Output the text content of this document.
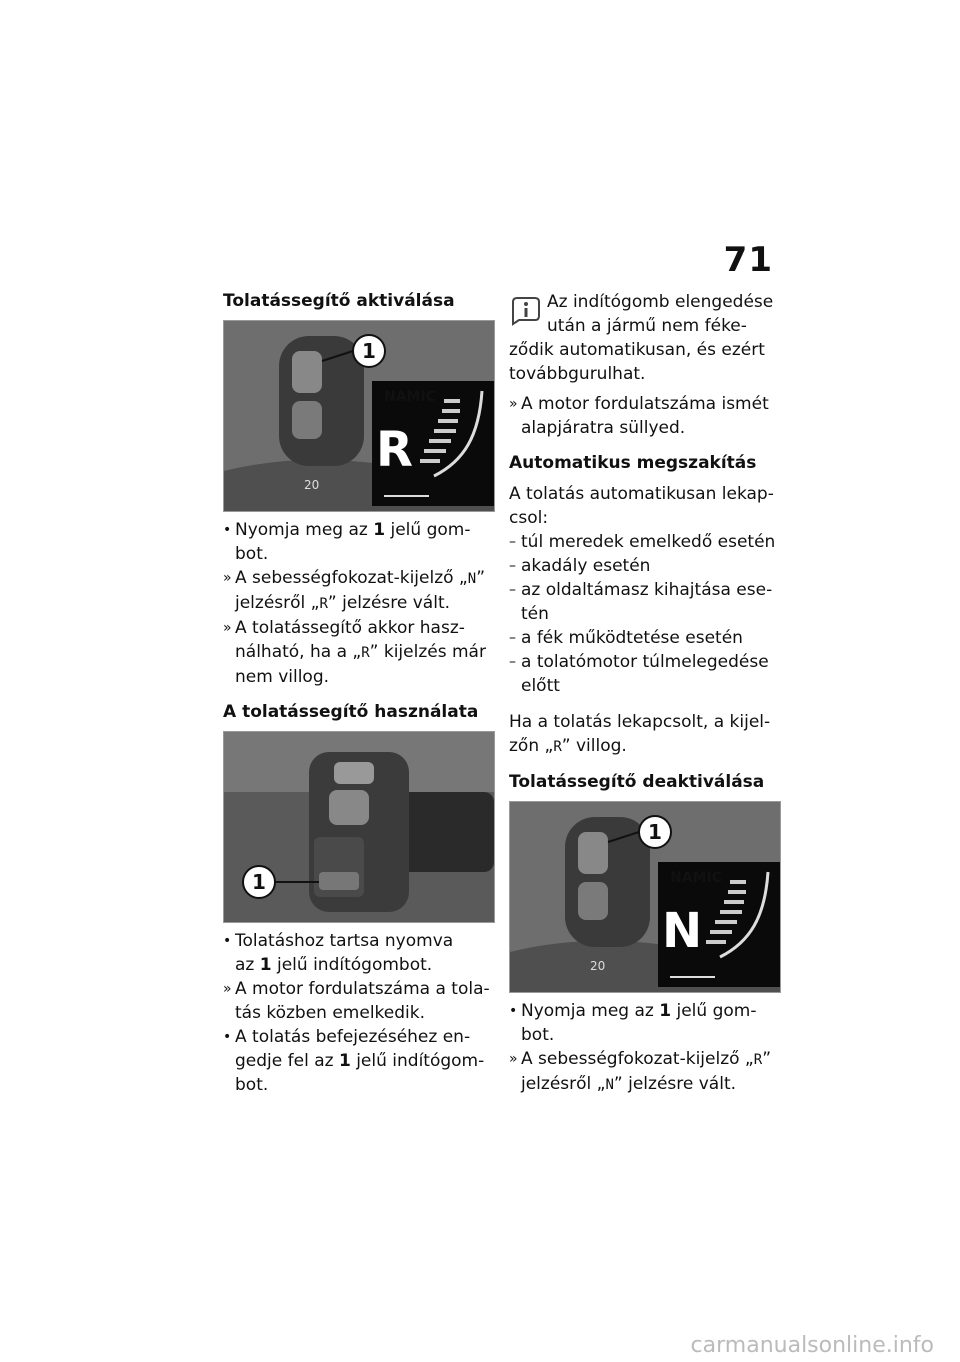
71
Tolatássegítő aktiválása
1
NAMIC
R
20
• Nyomja meg az 1 jelű gom-
bot.
» A sebességfokozat-kijelző „N”
jelzésről „R” jelzésre vált.
» A tolatássegítő akkor hasz-
nálható, ha a „R” kijelzés már
nem villog.
A tolatássegítő használata
1
• Tolatáshoz tartsa nyomva
az 1 jelű indítógombot.
» A motor fordulatszáma a tola-
tás közben emelkedik.
• A tolatás befejezéséhez en-
gedje fel az 1 jelű indítógom-
bot.
Az indítógomb elengedése
után a jármű nem féke-
ződik automatikusan, és ezért
továbbgurulhat.
» A motor fordulatszáma ismét
alapjáratra süllyed.
Automatikus megszakítás

A tolatás automatikusan lekap-
csol:

– túl meredek emelkedő esetén
– akadály esetén
– az oldaltámasz kihajtása ese-
tén
– a fék működtetése esetén
– a tolatómotor túlmelegedése
előtt

Ha a tolatás lekapcsolt, a kijel-
zőn „R” villog.

Tolatássegítő deaktiválása
1
NAMIC
N
20
• Nyomja meg az 1 jelű gom-
bot.
» A sebességfokozat-kijelző „R”
jelzésről „N” jelzésre vált.
carmanualsonline.info
